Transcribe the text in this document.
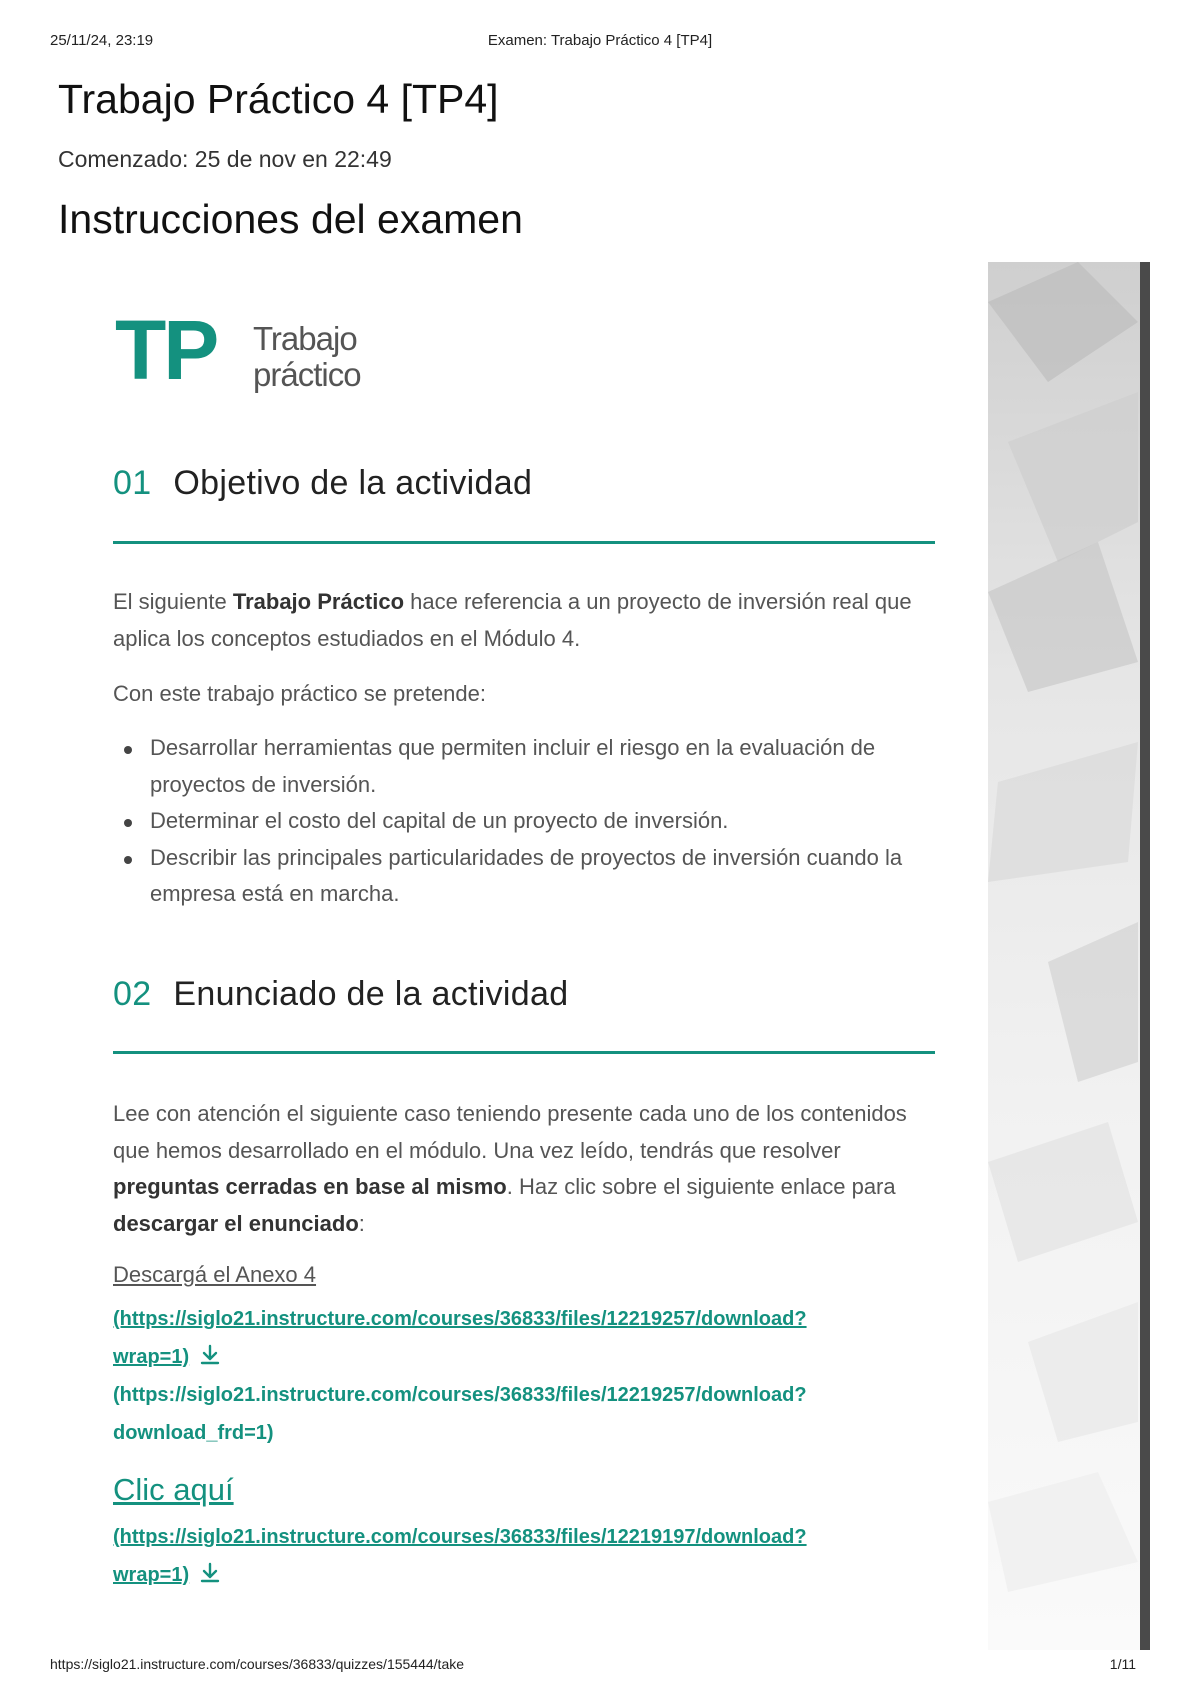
25/11/24, 23:19	Examen: Trabajo Práctico 4 [TP4]
Trabajo Práctico 4 [TP4]
Comenzado: 25 de nov en 22:49
Instrucciones del examen
TP Trabajo
práctico
01 Objetivo de la actividad

El siguiente Trabajo Práctico hace referencia a un proyecto de inversión real que aplica los conceptos estudiados en el Módulo 4.

Con este trabajo práctico se pretende:

Desarrollar herramientas que permiten incluir el riesgo en la evaluación de proyectos de inversión.
Determinar el costo del capital de un proyecto de inversión.
Describir las principales particularidades de proyectos de inversión cuando la empresa está en marcha.
02 Enunciado de la actividad

Lee con atención el siguiente caso teniendo presente cada uno de los contenidos que hemos desarrollado en el módulo. Una vez leído, tendrás que resolver preguntas cerradas en base al mismo. Haz clic sobre el siguiente enlace para descargar el enunciado:

Descargá el Anexo 4
(https://siglo21.instructure.com/courses/36833/files/12219257/download?
wrap=1)
(https://siglo21.instructure.com/courses/36833/files/12219257/download?
download_frd=1)
Clic aquí
(https://siglo21.instructure.com/courses/36833/files/12219197/download?
wrap=1)
https://siglo21.instructure.com/courses/36833/quizzes/155444/take	1/11
